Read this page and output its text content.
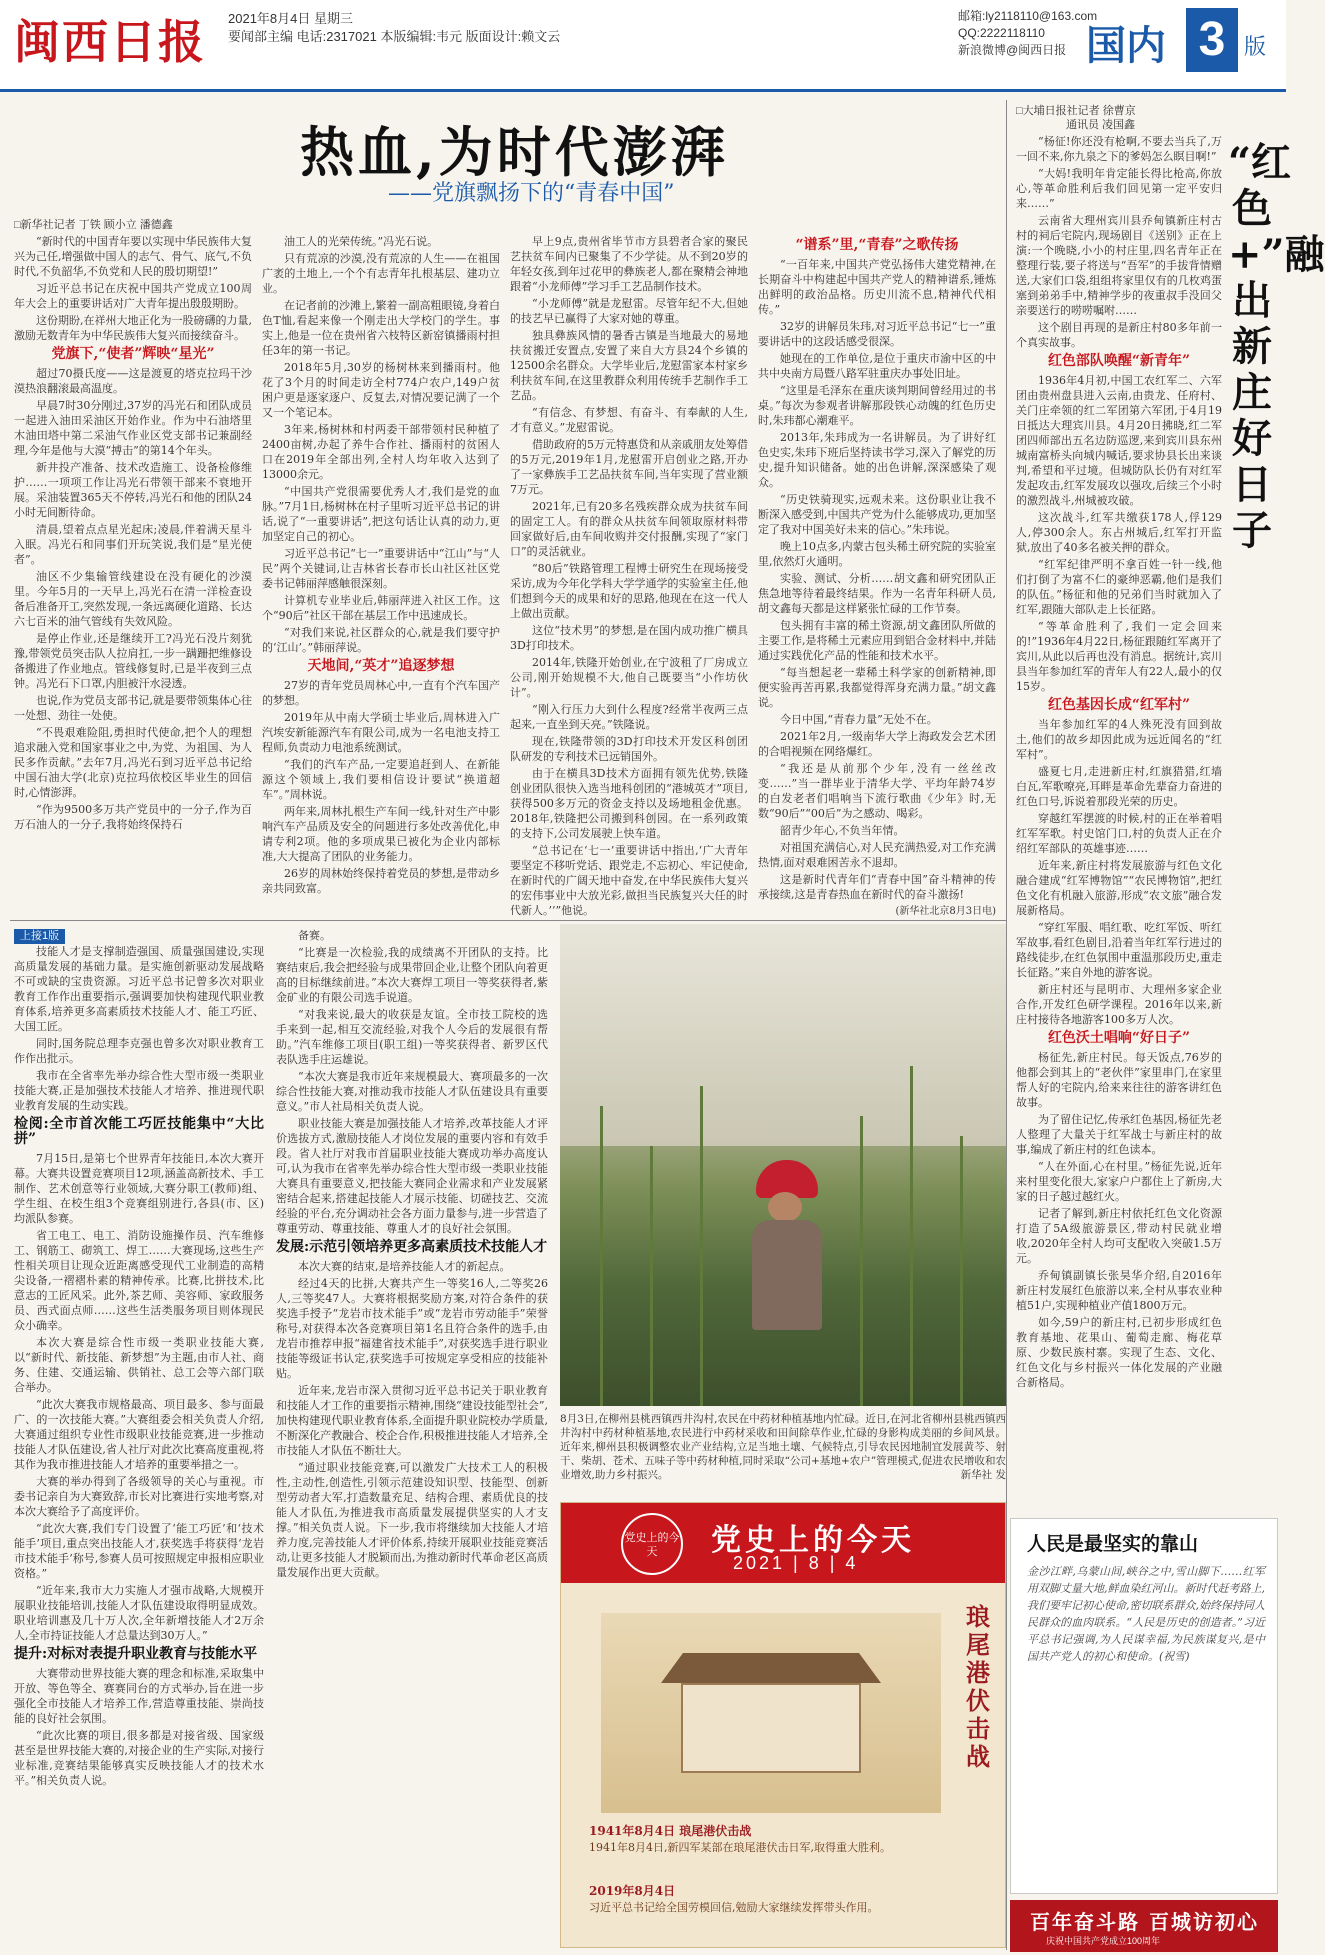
闽西日报 2021年8月4日 星期三
要闻部主编 电话:2317021 本版编辑:韦元 版面设计:赖文云
邮箱:ly2118110@163.com
QQ:2222118110
新浪微博@闽西日报 国内 3 版
热血,为时代澎湃
——党旗飘扬下的“青春中国”
□新华社记者 丁铁 顾小立 潘德鑫

“新时代的中国青年要以实现中华民族伟大复兴为己任,增强做中国人的志气、骨气、底气,不负时代,不负韶华,不负党和人民的殷切期望!”

习近平总书记在庆祝中国共产党成立100周年大会上的重要讲话对广大青年提出殷殷期盼。

这份期盼,在祥州大地正化为一股磅礴的力量,激励无数青年为中华民族伟大复兴而接续奋斗。

党旗下,“使者”辉映“星光”

超过70摄氏度——这是渡夏的塔克拉玛干沙漠热浪翻滚最高温度。

早晨7时30分刚过,37岁的冯光石和团队成员一起进入油田采油区开始作业。作为中石油塔里木油田塔中第二采油气作业区党支部书记兼副经理,今年是他与大漠“搏击”的第14个年头。

新井投产准备、技术改造施工、设备检修维护……一项项工作让冯光石带领干部来不衰地开展。采油装置365天不停转,冯光石和他的团队24小时无间断待命。

清晨,望着点点星光起床;凌晨,伴着满天星斗入眠。冯光石和同事们开玩笑说,我们是“星光使者”。

油区不少集输管线建设在没有硬化的沙漠里。今年5月的一天早上,冯光石在清一洋检查设备后准备开工,突然发现,一条远离硬化道路、长达六七百米的油气管线有失效风险。

是停止作业,还是继续开工?冯光石没片刻犹豫,带领党员突击队人拉肩扛,一步一蹒跚把维修设备搬进了作业地点。管线修复时,已是半夜到三点钟。冯光石下口罩,内胆被汗水浸透。

也说,作为党员支部书记,就是要带领集体心往一处想、劲往一处使。

“不畏艰难险阻,勇担时代使命,把个人的理想追求融入党和国家事业之中,为党、为祖国、为人民多作贡献。”去年7月,冯光石到习近平总书记给中国石油大学(北京)克拉玛依校区毕业生的回信时,心情澎湃。

“作为9500多万共产党员中的一分子,作为百万石油人的一分子,我将始终保持石

油工人的光荣传统。”冯光石说。

只有荒凉的沙漠,没有荒凉的人生——在祖国广袤的土地上,一个个有志青年扎根基层、建功立业。

在记者前的沙滩上,繁着一副高粗眼镜,身着白色T恤,看起来像一个刚走出大学校门的学生。事实上,他是一位在贵州省六枝特区新窑镇播雨村担任3年的第一书记。

2018年5月,30岁的杨树林来到播雨村。他花了3个月的时间走访全村774户农户,149户贫困户更是逐家逐户、反复去,对情况要记满了一个又一个笔记本。

3年来,杨树林和村两委干部带领村民种植了2400亩树,办起了养牛合作社、播雨村的贫困人口在2019年全部出列,全村人均年收入达到了13000余元。

“中国共产党很需要优秀人才,我们是党的血脉。”7月1日,杨树林在村子里听习近平总书记的讲话,说了“一重要讲话”,把这句话让认真的动力,更加坚定自己的初心。

习近平总书记“七一”重要讲话中“江山”与“人民”两个关键词,让吉林省长春市长山社区社区党委书记韩丽萍感触很深刻。

计算机专业毕业后,韩丽萍进入社区工作。这个“90后”社区干部在基层工作中迅速成长。

“对我们来说,社区群众的心,就是我们要守护的‘江山’。”韩丽萍说。

天地间,“英才”追逐梦想

27岁的青年党员周林心中,一直有个汽车国产的梦想。

2019年从中南大学硕士毕业后,周林进入广汽埃安新能源汽车有限公司,成为一名电池支持工程师,负责动力电池系统测试。

“我们的汽车产品,一定要追赶到人、在新能源这个领域上,我们要相信设计要试“换道超车”。”周林说。

两年来,周林扎根生产车间一线,针对生产中影响汽车产品质及安全的问题进行多处改善优化,申请专利2项。他的多项成果已被化为企业内部标准,大大提高了团队的业务能力。

26岁的周林始终保持着党员的梦想,是带动乡亲共同致富。

早上9点,贵州省毕节市方县碧者合家的聚民艺扶贫车间内已聚集了不少学徒。从不到20岁的年轻女孩,到年过花甲的彝族老人,都在聚精会神地跟着“小龙师傅”学习手工艺品制作技术。

“小龙师傅”就是龙慰雷。尽管年纪不大,但她的技艺早已赢得了大家对她的尊重。

独具彝族风情的暑香古镇是当地最大的易地扶贫搬迁安置点,安置了来自大方县24个乡镇的12500余名群众。大学毕业后,龙慰雷家本村家乡利扶贫车间,在这里教群众利用传统手艺制作手工艺品。

“有信念、有梦想、有奋斗、有奉献的人生,才有意义。”龙慰雷说。

借助政府的5万元特惠贷和从亲戚朋友处筹借的5万元,2019年1月,龙慰雷开启创业之路,开办了一家彝族手工艺品扶贫车间,当年实现了营业额7万元。

2021年,已有20多名残疾群众成为扶贫车间的固定工人。有的群众从扶贫车间领取原材料带回家做好后,由车间收购并交付报酬,实现了“家门口”的灵活就业。

“80后”铁路管理工程博士研究生在现场接受采访,成为今年化学科大学学通学的实验室主任,他们想到今天的成果和好的思路,他现在在这一代人上做出贡献。

这位“技术男”的梦想,是在国内成功推广横具3D打印技术。

2014年,铁隆开始创业,在宁波租了厂房成立公司,刚开始规模不大,他自己既要当“小作坊伙计”。

“刚入行压力大到什么程度?经常半夜两三点起来,一直坐到天亮。”铁隆说。

现在,铁隆带领的3D打印技术开发区科创团队研发的专利技术已远销国外。

由于在横具3D技术方面拥有领先优势,铁隆创业团队很快入选当地科创团的“港城英才”项目,获得500多万元的资金支持以及场地租金优惠。2018年,铁隆把公司搬到科创园。在一系列政策的支持下,公司发展驶上快车道。

“总书记在‘七一’重要讲话中指出,‘广大青年要坚定不移听党话、跟党走,不忘初心、牢记使命,在新时代的广阔天地中奋发,在中华民族伟大复兴的宏伟事业中大放光彩,做担当民族复兴大任的时代新人。’’”他说。

“谱系”里,“青春”之歌传扬

“一百年来,中国共产党弘扬伟大建党精神,在长期奋斗中构建起中国共产党人的精神谱系,锤炼出鲜明的政治品格。历史川流不息,精神代代相传。”

32岁的讲解员朱玮,对习近平总书记“七一”重要讲话中的这段话感受很深。

她现在的工作单位,是位于重庆市渝中区的中共中央南方局暨八路军驻重庆办事处旧址。

“这里是毛泽东在重庆谈判期间曾经用过的书桌。”每次为参观者讲解那段铁心动魄的红色历史时,朱玮都心潮难平。

2013年,朱玮成为一名讲解员。为了讲好红色史实,朱玮下班后坚持读书学习,深入了解党的历史,提升知识储备。她的出色讲解,深深感染了观众。

“历史铁骑现实,远观未来。这份职业让我不断深入感受到,中国共产党为什么能够成功,更加坚定了我对中国美好未来的信心。”朱玮说。

晚上10点多,内蒙古包头稀土研究院的实验室里,依然灯火通明。

实验、测试、分析……胡文鑫和研究团队正焦急地等待着最终结果。作为一名青年科研人员,胡文鑫每天都是这样紧张忙碌的工作节奏。

包头拥有丰富的稀土资源,胡文鑫团队所做的主要工作,是将稀土元素应用到铝合金材料中,并陆通过实践优化产品的性能和技术水平。

“每当想起老一辈稀土科学家的创新精神,即便实验再苦再累,我都觉得浑身充满力量。”胡文鑫说。

今日中国,“青春力量”无处不在。

2021年2月,一级南华大学上海政发会艺术团的合唱视频在网络爆红。

“我还是从前那个少年,没有一丝丝改变……”当一群毕业于清华大学、平均年龄74岁的白发老者们唱响当下流行歌曲《少年》时,无数“90后”“00后”为之感动、喝彩。

韶青少年心,不负当年情。

对祖国充满信心,对人民充满热爱,对工作充满热情,面对艰难困苦永不退却。

这是新时代青年们“青春中国”奋斗精神的传承接续,这是青春热血在新时代的奋斗激扬!

(新华社北京8月3日电)
□大埔日报社记者 徐曹京
通讯员 凌国鑫
“红色+”融出新庄好日子

“杨征!你还没有枪啊,不要去当兵了,万一回不来,你九泉之下的爹妈怎么瞑目啊!”

“大妈!我明年肯定能长得比枪高,你放心,等革命胜利后我们回见第一定平安归来……”

云南省大理州宾川县乔甸镇新庄村古村的祠后宅院内,现场剧目《送别》正在上演:一个晚晓,小小的村庄里,四名青年正在整理行装,要子将送与“吾军”的手拔背情赠送,大家们口袋,组组将家里仅有的几枚鸡蛋塞到弟弟手中,精神学步的夜重叔手没回父亲要送行的唠唠嘱咐……

这个剧目再现的是新庄村80多年前一个真实故事。

红色部队唤醒“新青年”

1936年4月初,中国工农红军二、六军团由贵州盘县进入云南,由贵龙、任府村、关门庄牵领的红二军团第六军团,于4月19日抵达大理宾川县。4月20日拂晓,红二军团四师部出五名边防巡逻,来到宾川县东州城南富桥头向城内喊话,要求协县长出来谈判,希望和平过境。但城防队长仍有对红军发起攻击,红军发展攻以强攻,后续三个小时的激烈战斗,州城被攻破。

这次战斗,红军共缴获178人,俘129人,停300余人。东占州城后,红军打开监狱,放出了40多名被关押的群众。

“红军纪律严明不拿百姓一针一线,他们打倒了为富不仁的豪绅恶霸,他们是我们的队伍。”杨征和他的兄弟们当时就加入了红军,跟随大部队走上长征路。

“等革命胜利了,我们一定会回来的!”1936年4月22日,杨征跟随红军离开了宾川,从此以后再也没有消息。据统计,宾川县当年参加红军的青年人有22人,最小的仅15岁。

红色基因长成“红军村”

当年参加红军的4人殊死没有回到故土,他们的故乡却因此成为远近闻名的“红军村”。

盛夏七月,走进新庄村,红旗猎猎,红墙白瓦,军歌嘹亮,耳畔是革命先辈奋力奋进的红色口号,诉说着那段光荣的历史。

穿越红军摆渡的时候,村的正在举着唱红军军歌。村史馆门口,村的负责人正在介绍红军部队的英雄事迹……

近年来,新庄村将发展旅游与红色文化融合建成“红军博物馆”“农民博物馆”,把红色文化有机融入旅游,形成“农文旅”融合发展新格局。

“穿红军服、唱红歌、吃红军饭、听红军故事,看红色剧目,沿着当年红军行进过的路线徒步,在红色氛围中重温那段历史,重走长征路。”来自外地的游客说。

新庄村还与昆明市、大理州多家企业合作,开发红色研学课程。2016年以来,新庄村接待各地游客100多万人次。

红色沃土唱响“好日子”

杨征先,新庄村民。每天饭点,76岁的他都会到其上的“老伙伴”家里串门,在家里帮人好的宅院内,给来来往往的游客讲红色故事。

为了留住记忆,传承红色基因,杨征先老人整理了大量关于红军战士与新庄村的故事,编成了新庄村的红色读本。

“人在外面,心在村里。”杨征先说,近年来村里变化很大,家家户户都住上了新房,大家的日子越过越红火。

记者了解到,新庄村依托红色文化资源打造了5A级旅游景区,带动村民就业增收,2020年全村人均可支配收入突破1.5万元。

乔甸镇副镇长张昊华介绍,自2016年新庄村发展红色旅游以来,全村从事农业种植51户,实现种植业产值1800万元。

如今,59户的新庄村,已初步形成红色教育基地、花果山、葡萄走廊、梅花草原、少数民族村寨。实现了生态、文化、红色文化与乡村振兴一体化发展的产业融合新格局。

上接1版

技能人才是支撑制造强国、质量强国建设,实现高质量发展的基础力量。是实施创新驱动发展战略不可或缺的宝贵资源。习近平总书记曾多次对职业教育工作作出重要指示,强调要加快构建现代职业教育体系,培养更多高素质技术技能人才、能工巧匠、大国工匠。

同时,国务院总理李克强也曾多次对职业教育工作作出批示。

我市在全省率先举办综合性大型市级一类职业技能大赛,正是加强技术技能人才培养、推进现代职业教育发展的生动实践。

检阅:全市首次能工巧匠技能集中“大比拼”

7月15日,是第七个世界青年技能日,本次大赛开幕。大赛共设置竞赛项目12项,涵盖高新技术、手工制作、艺术创意等行业领域,大赛分职工(教师)组、学生组、在校生组3个竞赛组别进行,各县(市、区)均派队参赛。

省工电工、电工、消防设施操作员、汽车维修工、钢筋工、砌筑工、焊工……大赛现场,这些生产性相关项目让现众近距离感受现代工业制造的高精尖设备,一褶褶朴素的精神传承。比赛,比拼技术,比意志的工匠风采。此外,茶艺师、美容师、家政服务员、西式面点师……这些生活类服务项目则体现民众小确幸。

本次大赛是综合性市级一类职业技能大赛,以“新时代、新技能、新梦想”为主题,由市人社、商务、住建、交通运输、供销社、总工会等六部门联合举办。

“此次大赛我市规格最高、项目最多、参与面最广、的一次技能大赛。”大赛组委会相关负责人介绍,大赛通过组织专业性市级职业技能竞赛,进一步推动技能人才队伍建设,省人社厅对此次比赛高度重视,将其作为我市推进技能人才培养的重要举措之一。

大赛的举办得到了各级领导的关心与重视。市委书记亲自为大赛致辞,市长对比赛进行实地考察,对本次大赛给予了高度评价。

“此次大赛,我们专门设置了‘能工巧匠’和‘技术能手’项目,重点突出技能人才,获奖选手将获得‘龙岩市技术能手’称号,参赛人员可按照规定申报相应职业资格。”

“近年来,我市大力实施人才强市战略,大规模开展职业技能培训,技能人才队伍建设取得明显成效。职业培训惠及几十万人次,全年新增技能人才2万余人,全市持证技能人才总量达到30万人。”

提升:对标对表提升职业教育与技能水平

大赛带动世界技能大赛的理念和标准,采取集中开放、等色等全、赛赛同台的方式举办,旨在进一步强化全市技能人才培养工作,营造尊重技能、崇尚技能的良好社会氛围。

“此次比赛的项目,很多都是对接省级、国家级甚至是世界技能大赛的,对接企业的生产实际,对接行业标准,竞赛结果能够真实反映技能人才的技术水平。”相关负责人说。

备赛。

“比赛是一次检验,我的成绩离不开团队的支持。比赛结束后,我会把经验与成果带回企业,让整个团队向着更高的目标继续前进。”本次大赛焊工项目一等奖获得者,紫金矿业的有限公司选手说道。

“对我来说,最大的收获是友谊。全市技工院校的选手来到一起,相互交流经验,对我个人今后的发展很有帮助。”汽车维修工项目(职工组)一等奖获得者、新罗区代表队选手庄运雄说。

“本次大赛是我市近年来规模最大、赛项最多的一次综合性技能大赛,对推动我市技能人才队伍建设具有重要意义。”市人社局相关负责人说。

职业技能大赛是加强技能人才培养,改革技能人才评价选拔方式,激励技能人才岗位发展的重要内容和有效手段。省人社厅对我市首届职业技能大赛成功举办高度认可,认为我市在省率先举办综合性大型市级一类职业技能大赛具有重要意义,把技能大赛同企业需求和产业发展紧密结合起来,搭建起技能人才展示技能、切磋技艺、交流经验的平台,充分调动社会各方面力量参与,进一步营造了尊重劳动、尊重技能、尊重人才的良好社会氛围。

发展:示范引领培养更多高素质技术技能人才

本次大赛的结束,是培养技能人才的新起点。

经过4天的比拼,大赛共产生一等奖16人,二等奖26人,三等奖47人。大赛将根据奖励方案,对符合条件的获奖选手授予“龙岩市技术能手”或“龙岩市劳动能手”荣誉称号,对获得本次各竞赛项目第1名且符合条件的选手,由龙岩市推荐申报“福建省技术能手”,对获奖选手进行职业技能等级证书认定,获奖选手可按规定享受相应的技能补贴。

近年来,龙岩市深入贯彻习近平总书记关于职业教育和技能人才工作的重要指示精神,围绕“建设技能型社会”,加快构建现代职业教育体系,全面提升职业院校办学质量,不断深化产教融合、校企合作,积极推进技能人才培养,全市技能人才队伍不断壮大。

“通过职业技能竞赛,可以激发广大技术工人的积极性,主动性,创造性,引领示范建设知识型、技能型、创新型劳动者大军,打造数量充足、结构合理、素质优良的技能人才队伍,为推进我市高质量发展提供坚实的人才支撑。”相关负责人说。下一步,我市将继续加大技能人才培养力度,完善技能人才评价体系,持续开展职业技能竞赛活动,让更多技能人才脱颖而出,为推动新时代革命老区高质量发展作出更大贡献。

8月3日,在柳州县桃西镇西井沟村,农民在中药材种植基地内忙碌。近日,在河北省柳州县桃西镇西井沟村中药材种植基地,农民进行中药材采收和田间除草作业,忙碌的身影构成美丽的乡间风景。近年来,柳州县积极调整农业产业结构,立足当地土壤、气候特点,引导农民因地制宜发展黄芩、射干、柴胡、苍术、五味子等中药材种植,同时采取“公司+基地+农户”管理模式,促进农民增收和农业增效,助力乡村振兴。	新华社 发
党史上的今天	党史上的今天
2021 | 8 | 4
琅尾港伏击战
1941年8月4日 琅尾港伏击战
1941年8月4日,新四军某部在琅尾港伏击日军,取得重大胜利。
2019年8月4日
习近平总书记给全国劳模回信,勉励大家继续发挥带头作用。
人民是最坚实的靠山
金沙江畔,乌蒙山间,峡谷之中,雪山脚下……红军用双脚丈量大地,鲜血染红河山。新时代赶考路上,我们要牢记初心使命,密切联系群众,始终保持同人民群众的血肉联系。“人民是历史的创造者。”习近平总书记强调,为人民谋幸福,为民族谋复兴,是中国共产党人的初心和使命。(祝雪)
百年奋斗路 百城访初心
庆祝中国共产党成立100周年
